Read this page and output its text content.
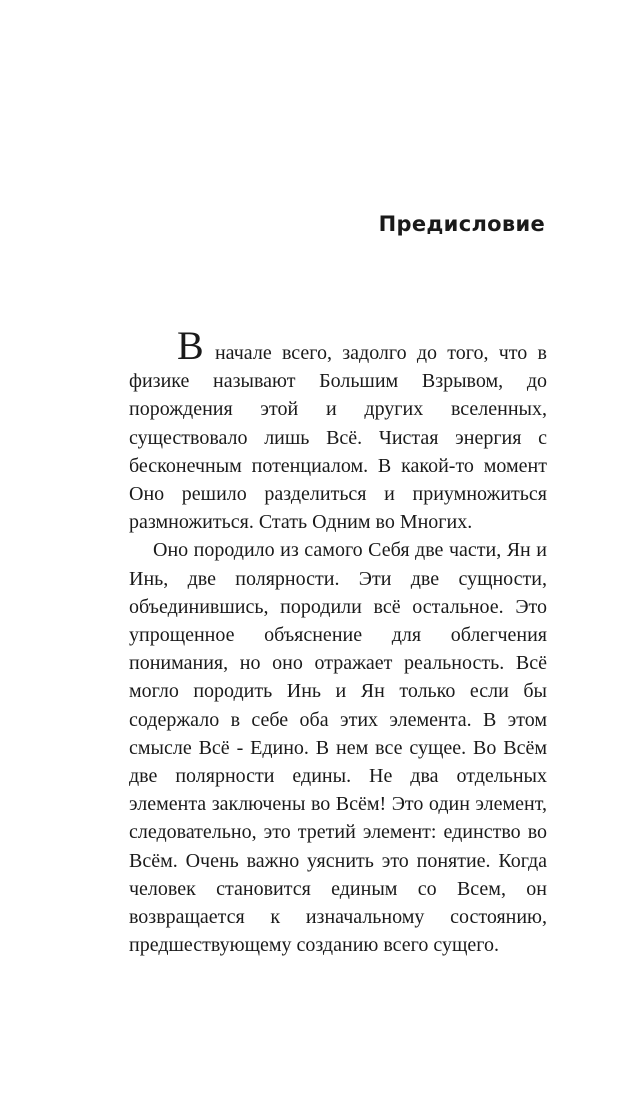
Предисловие

В начале всего, задолго до того, что в физике называют Большим Взрывом, до порождения этой и других вселенных, существовало лишь Всё. Чистая энергия с бесконечным потенциалом. В какой-то момент Оно решило разделиться и приумножиться размножиться. Стать Одним во Многих.

Оно породило из самого Себя две части, Ян и Инь, две полярности. Эти две сущности, объединившись, породили всё остальное. Это упрощенное объяснение для облегчения понимания, но оно отражает реальность. Всё могло породить Инь и Ян только если бы содержало в себе оба этих элемента. В этом смысле Всё - Едино. В нем все сущее. Во Всём две полярности едины. Не два отдельных элемента заключены во Всём! Это один элемент, следовательно, это третий элемент: единство во Всём. Очень важно уяснить это понятие. Когда человек становится единым со Всем, он возвращается к изначальному состоянию, предшествующему созданию всего сущего.
